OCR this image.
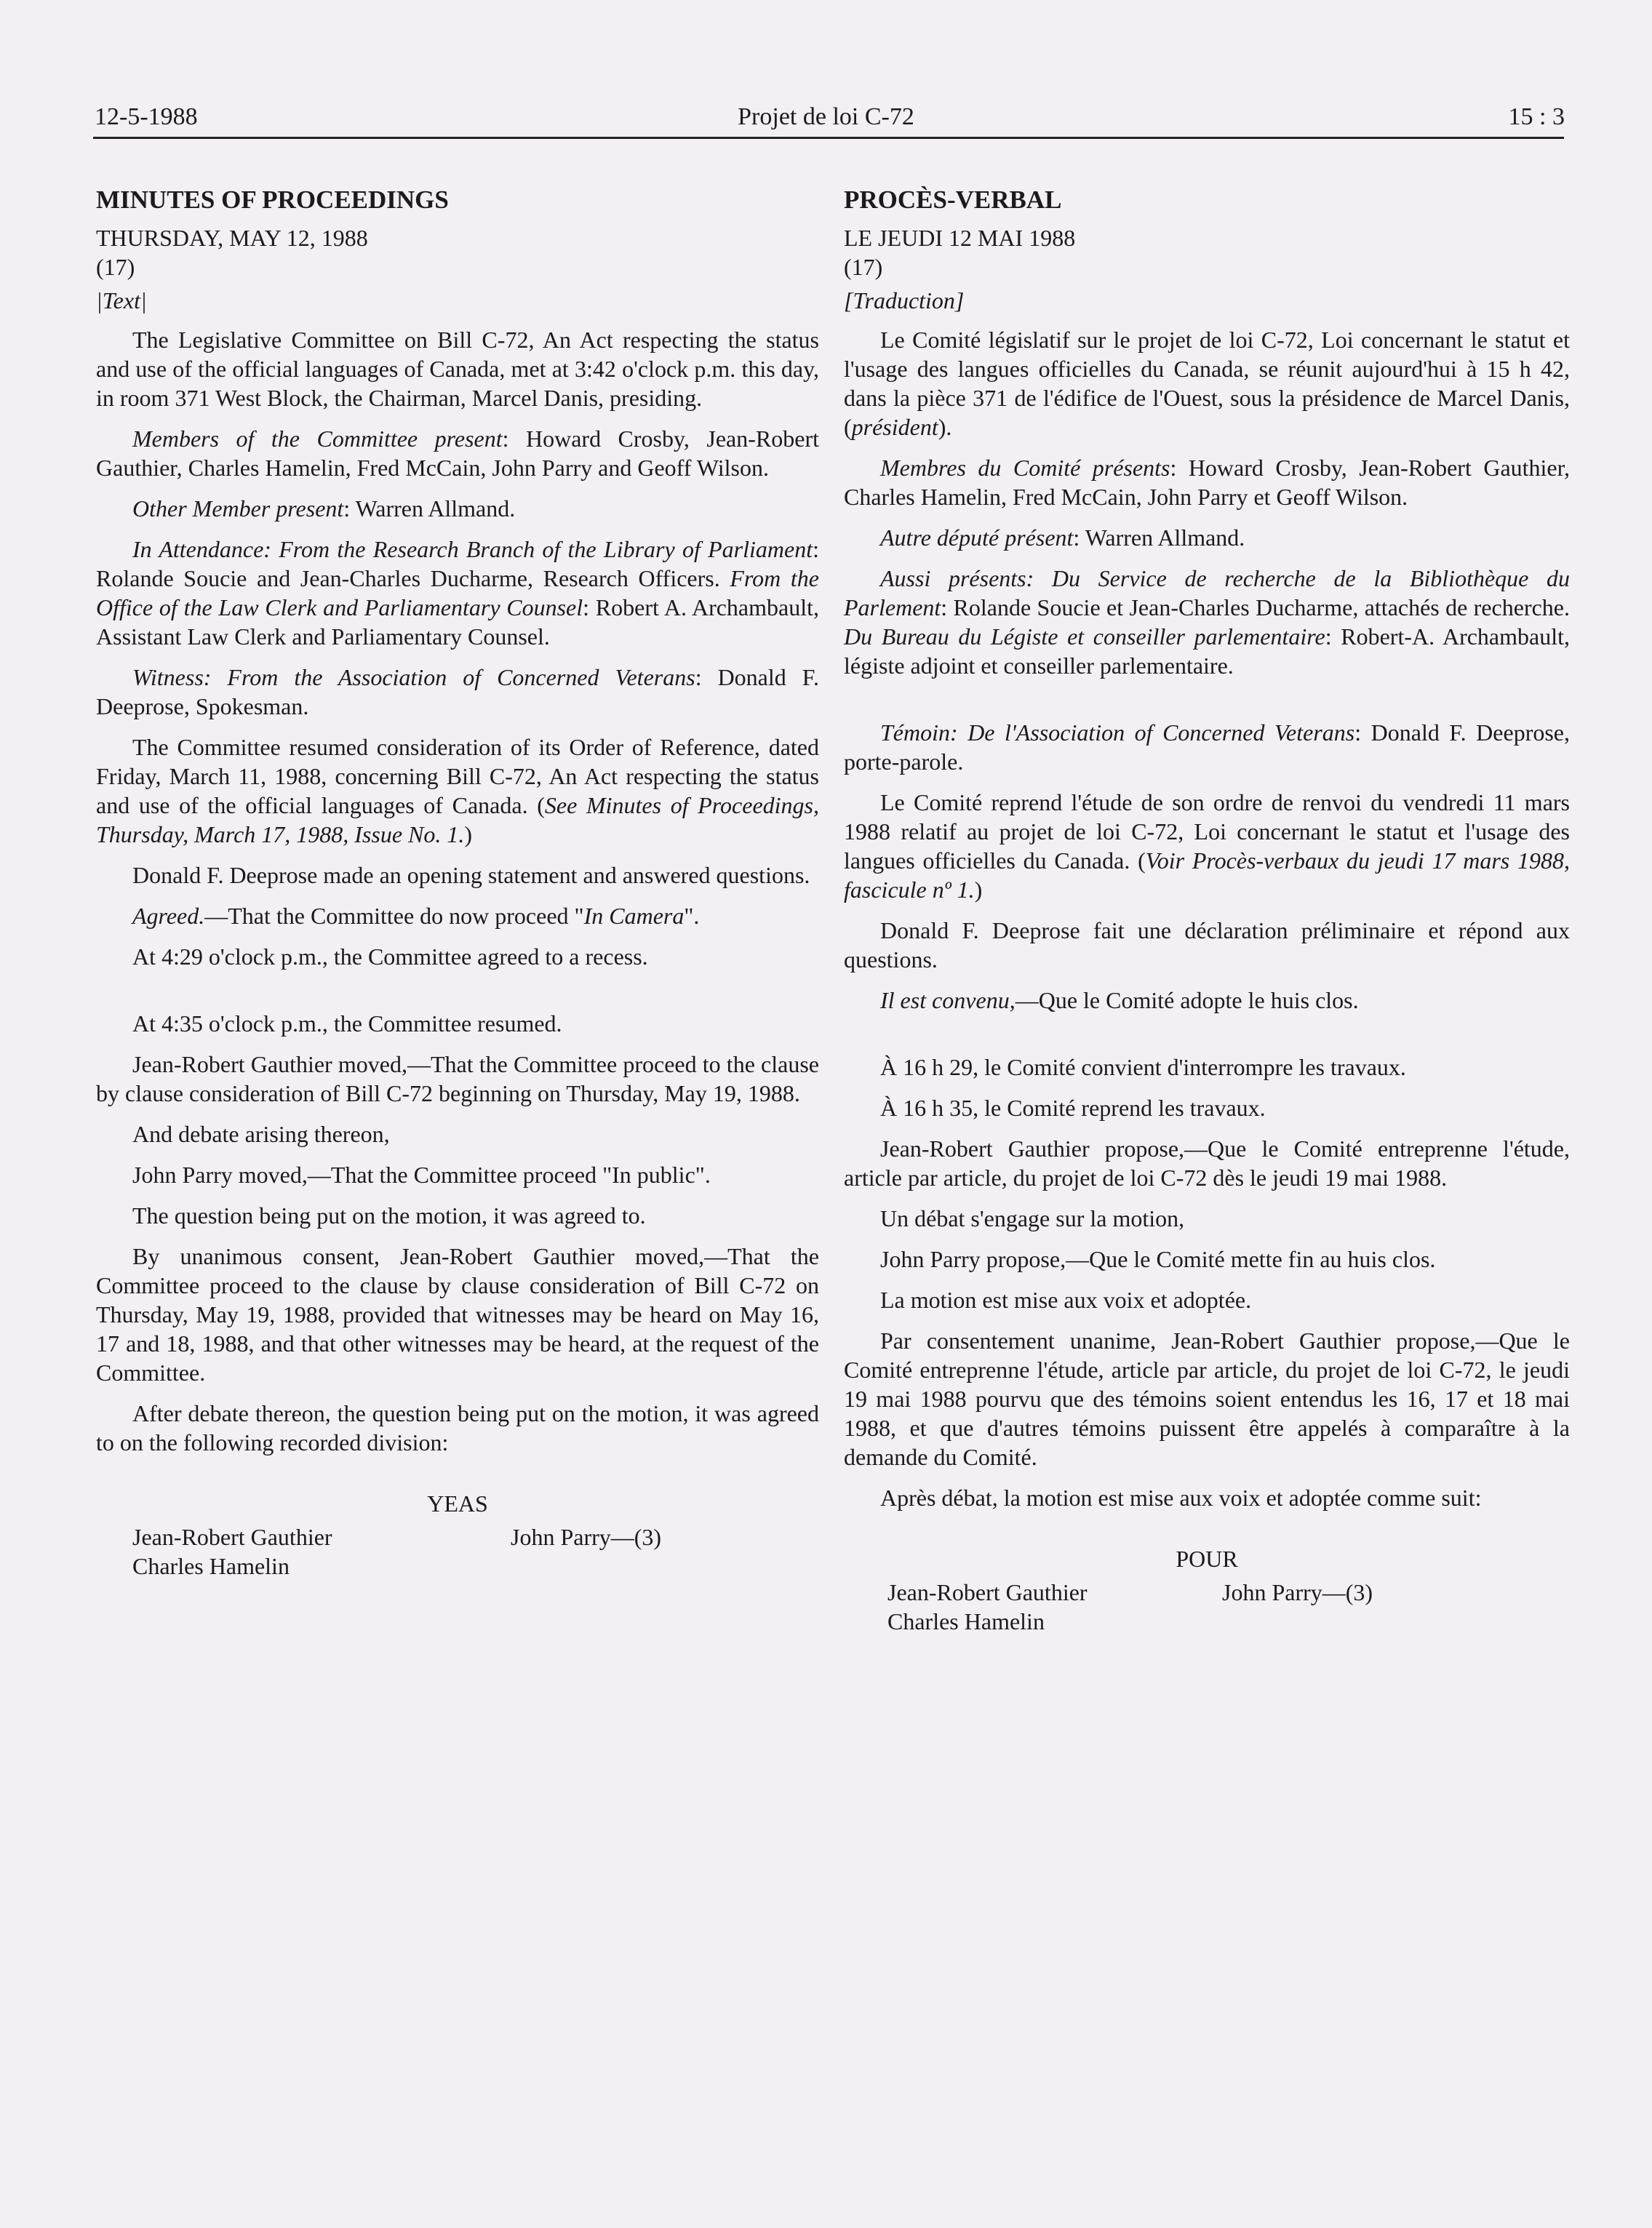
12-5-1988	Projet de loi C-72	15 : 3
MINUTES OF PROCEEDINGS
THURSDAY, MAY 12, 1988
(17)
|Text|

The Legislative Committee on Bill C-72, An Act respecting the status and use of the official languages of Canada, met at 3:42 o'clock p.m. this day, in room 371 West Block, the Chairman, Marcel Danis, presiding.

Members of the Committee present: Howard Crosby, Jean-Robert Gauthier, Charles Hamelin, Fred McCain, John Parry and Geoff Wilson.

Other Member present: Warren Allmand.

In Attendance: From the Research Branch of the Library of Parliament: Rolande Soucie and Jean-Charles Ducharme, Research Officers. From the Office of the Law Clerk and Parliamentary Counsel: Robert A. Archambault, Assistant Law Clerk and Parliamentary Counsel.

Witness: From the Association of Concerned Veterans: Donald F. Deeprose, Spokesman.

The Committee resumed consideration of its Order of Reference, dated Friday, March 11, 1988, concerning Bill C-72, An Act respecting the status and use of the official languages of Canada. (See Minutes of Proceedings, Thursday, March 17, 1988, Issue No. 1.)

Donald F. Deeprose made an opening statement and answered questions.

Agreed.—That the Committee do now proceed "In Camera".

At 4:29 o'clock p.m., the Committee agreed to a recess.

At 4:35 o'clock p.m., the Committee resumed.

Jean-Robert Gauthier moved,—That the Committee proceed to the clause by clause consideration of Bill C-72 beginning on Thursday, May 19, 1988.

And debate arising thereon,

John Parry moved,—That the Committee proceed "In public".

The question being put on the motion, it was agreed to.

By unanimous consent, Jean-Robert Gauthier moved,—That the Committee proceed to the clause by clause consideration of Bill C-72 on Thursday, May 19, 1988, provided that witnesses may be heard on May 16, 17 and 18, 1988, and that other witnesses may be heard, at the request of the Committee.

After debate thereon, the question being put on the motion, it was agreed to on the following recorded division:

YEAS
Jean-Robert Gauthier
Charles Hamelin
John Parry—(3)
PROCÈS-VERBAL
LE JEUDI 12 MAI 1988
(17)
[Traduction]

Le Comité législatif sur le projet de loi C-72, Loi concernant le statut et l'usage des langues officielles du Canada, se réunit aujourd'hui à 15 h 42, dans la pièce 371 de l'édifice de l'Ouest, sous la présidence de Marcel Danis, (président).

Membres du Comité présents: Howard Crosby, Jean-Robert Gauthier, Charles Hamelin, Fred McCain, John Parry et Geoff Wilson.

Autre député présent: Warren Allmand.

Aussi présents: Du Service de recherche de la Bibliothèque du Parlement: Rolande Soucie et Jean-Charles Ducharme, attachés de recherche. Du Bureau du Légiste et conseiller parlementaire: Robert-A. Archambault, légiste adjoint et conseiller parlementaire.

Témoin: De l'Association of Concerned Veterans: Donald F. Deeprose, porte-parole.

Le Comité reprend l'étude de son ordre de renvoi du vendredi 11 mars 1988 relatif au projet de loi C-72, Loi concernant le statut et l'usage des langues officielles du Canada. (Voir Procès-verbaux du jeudi 17 mars 1988, fascicule nº 1.)

Donald F. Deeprose fait une déclaration préliminaire et répond aux questions.

Il est convenu,—Que le Comité adopte le huis clos.

À 16 h 29, le Comité convient d'interrompre les travaux.

À 16 h 35, le Comité reprend les travaux.

Jean-Robert Gauthier propose,—Que le Comité entreprenne l'étude, article par article, du projet de loi C-72 dès le jeudi 19 mai 1988.

Un débat s'engage sur la motion,

John Parry propose,—Que le Comité mette fin au huis clos.

La motion est mise aux voix et adoptée.

Par consentement unanime, Jean-Robert Gauthier propose,—Que le Comité entreprenne l'étude, article par article, du projet de loi C-72, le jeudi 19 mai 1988 pourvu que des témoins soient entendus les 16, 17 et 18 mai 1988, et que d'autres témoins puissent être appelés à comparaître à la demande du Comité.

Après débat, la motion est mise aux voix et adoptée comme suit:

POUR
Jean-Robert Gauthier
Charles Hamelin
John Parry—(3)
